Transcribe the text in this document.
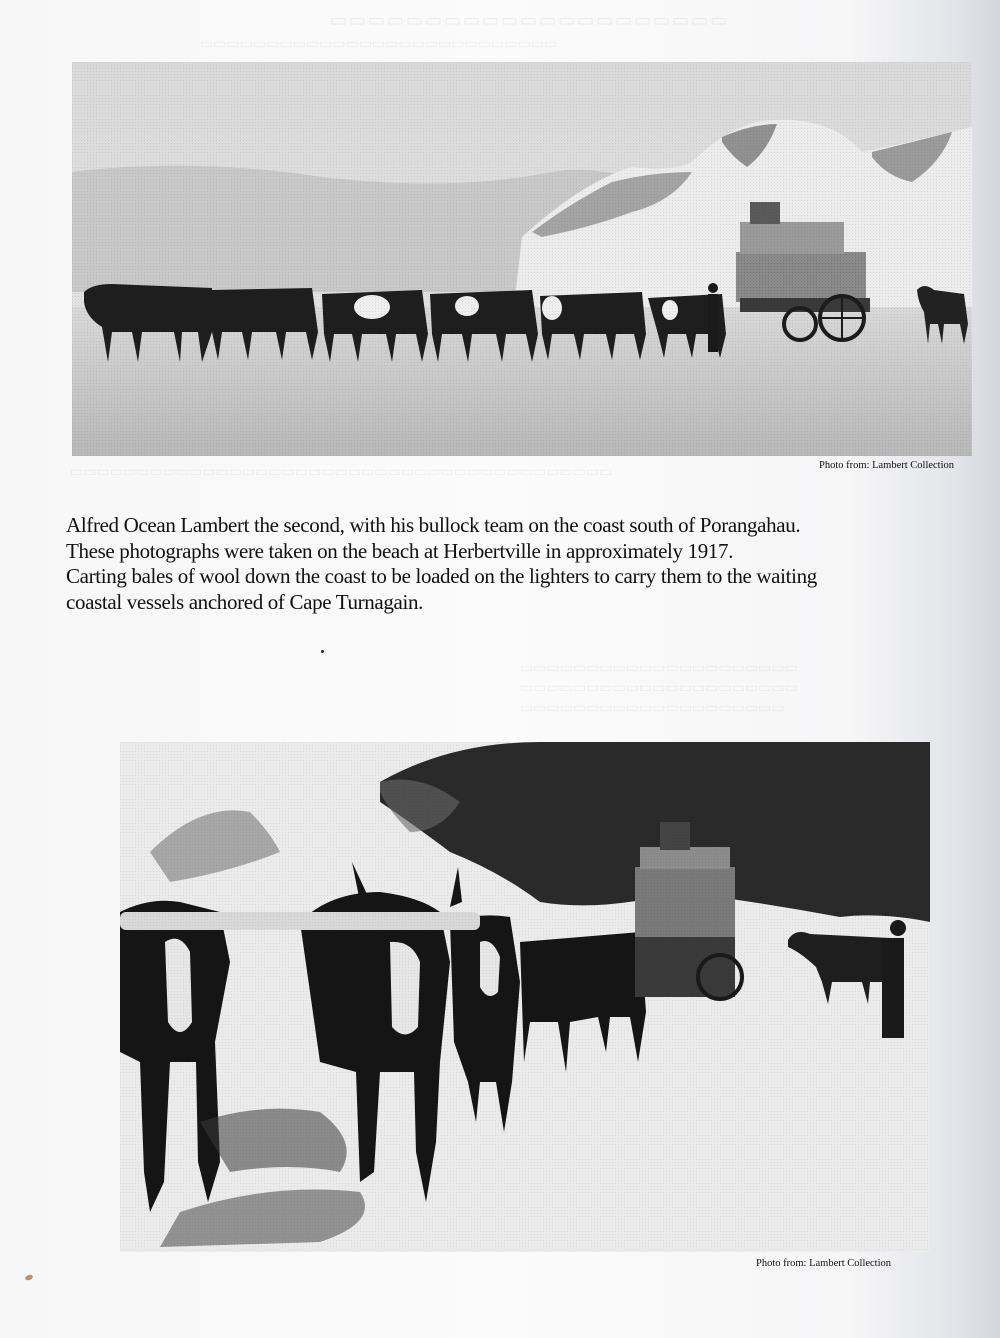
▭▭▭▭▭▭▭▭▭▭▭▭▭▭▭▭▭▭▭▭▭
▭▭▭▭▭▭▭▭▭▭▭▭▭▭▭▭▭▭▭▭▭▭▭▭▭▭▭
▭▭▭▭▭▭▭▭▭▭▭▭▭▭▭▭▭▭▭▭▭▭▭▭▭▭▭▭▭▭▭▭▭▭▭▭▭▭▭▭▭
▭▭▭▭▭▭▭▭▭▭▭▭▭▭▭▭▭▭▭▭▭
▭▭▭▭▭▭▭▭▭▭▭▭▭▭▭▭▭▭▭▭▭
▭▭▭▭▭▭▭▭▭▭▭▭▭▭▭▭▭▭▭▭
Photo from: Lambert Collection
Alfred Ocean Lambert the second, with his bullock team on the coast south of Porangahau.
These photographs were taken on the beach at Herbertville in approximately 1917.
Carting bales of wool down the coast to be loaded on the lighters to carry them to the waiting
coastal vessels anchored of Cape Turnagain.
Photo from: Lambert Collection
